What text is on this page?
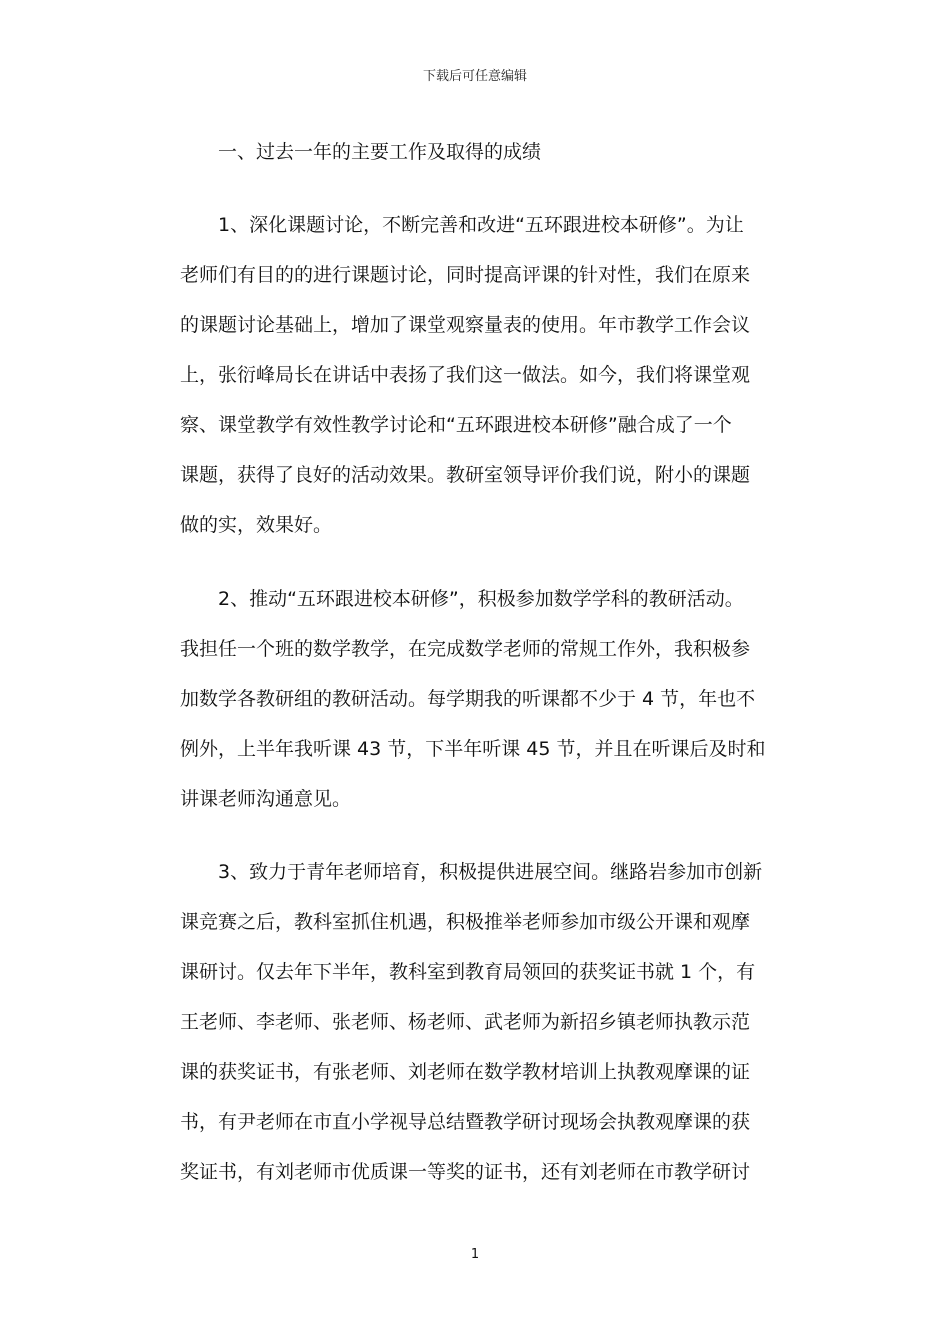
下载后可任意编辑
一、过去一年的主要工作及取得的成绩
1、深化课题讨论，不断完善和改进“五环跟进校本研修”。为让
老师们有目的的进行课题讨论，同时提高评课的针对性，我们在原来
的课题讨论基础上，增加了课堂观察量表的使用。年市教学工作会议
上，张衍峰局长在讲话中表扬了我们这一做法。如今，我们将课堂观
察、课堂教学有效性教学讨论和“五环跟进校本研修”融合成了一个
课题，获得了良好的活动效果。教研室领导评价我们说，附小的课题
做的实，效果好。
2、推动“五环跟进校本研修”，积极参加数学学科的教研活动。
我担任一个班的数学教学，在完成数学老师的常规工作外，我积极参
加数学各教研组的教研活动。每学期我的听课都不少于 4 节，年也不
例外，上半年我听课 43 节，下半年听课 45 节，并且在听课后及时和
讲课老师沟通意见。
3、致力于青年老师培育，积极提供进展空间。继路岩参加市创新
课竞赛之后，教科室抓住机遇，积极推举老师参加市级公开课和观摩
课研讨。仅去年下半年，教科室到教育局领回的获奖证书就 1 个，有
王老师、李老师、张老师、杨老师、武老师为新招乡镇老师执教示范
课的获奖证书，有张老师、刘老师在数学教材培训上执教观摩课的证
书，有尹老师在市直小学视导总结暨教学研讨现场会执教观摩课的获
奖证书，有刘老师市优质课一等奖的证书，还有刘老师在市教学研讨
1
